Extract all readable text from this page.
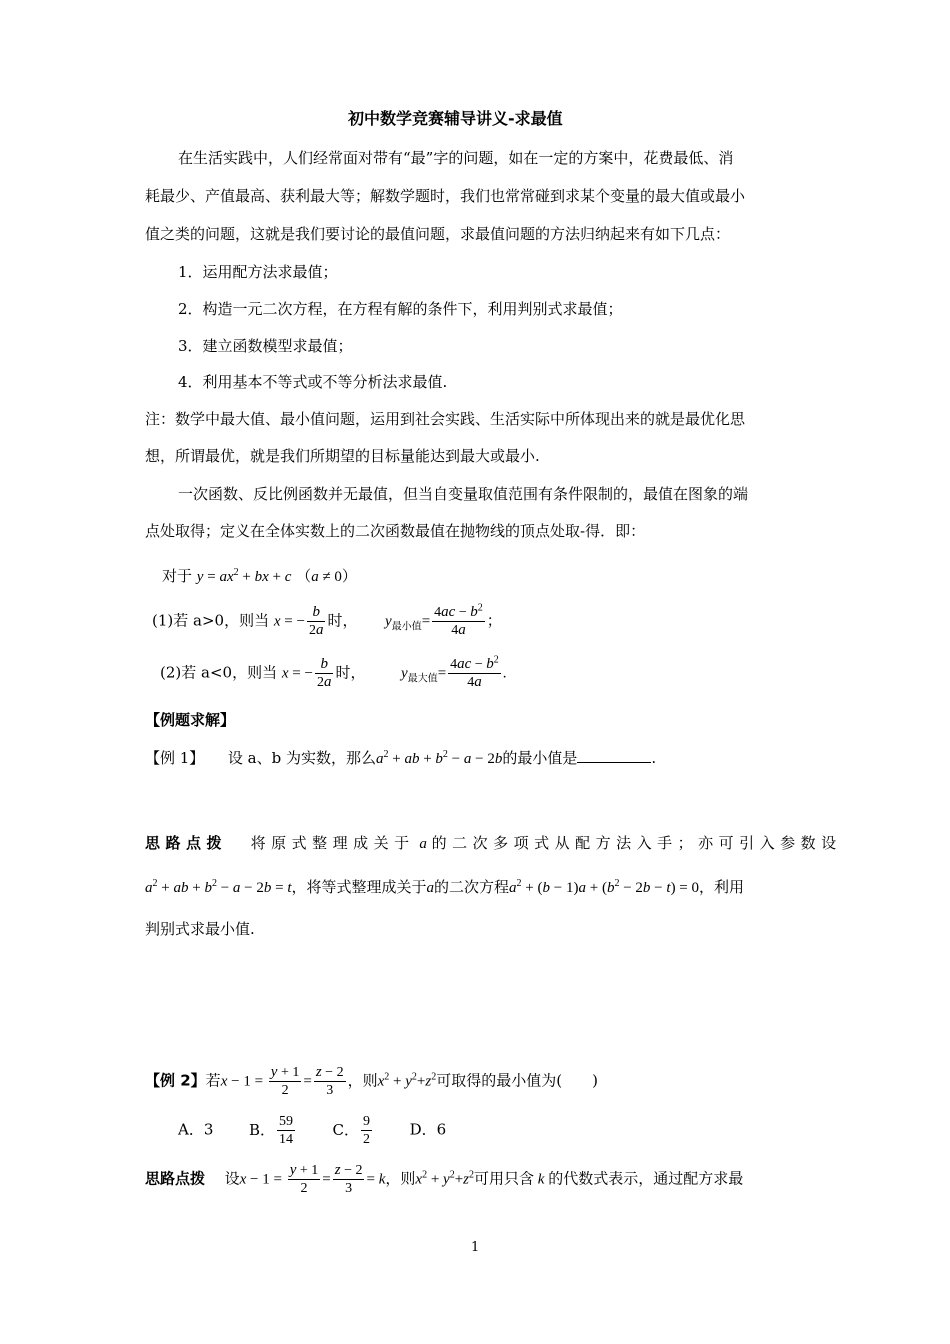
初中数学竞赛辅导讲义-求最值
在生活实践中，人们经常面对带有“最”字的问题，如在一定的方案中，花费最低、消
耗最少、产值最高、获利最大等；解数学题时，我们也常常碰到求某个变量的最大值或最小
值之类的问题，这就是我们要讨论的最值问题，求最值问题的方法归纳起来有如下几点：
1．运用配方法求最值；
2．构造一元二次方程，在方程有解的条件下，利用判别式求最值；
3．建立函数模型求最值；
4．利用基本不等式或不等分析法求最值.
注：数学中最大值、最小值问题，运用到社会实践、生活实际中所体现出来的就是最优化思
想，所谓最优，就是我们所期望的目标量能达到最大或最小.
一次函数、反比例函数并无最值，但当自变量取值范围有条件限制的，最值在图象的端
点处取得；定义在全体实数上的二次函数最值在抛物线的顶点处取-得．即：
对于 $y = ax^2$ + bx + c （a ≠ 0）
(1)若 a>0，则当 x = − $\frac{b}{2a}$ 时， $y_{最小值}= \frac{4ac - b^2}{4a}$ ；
(2)若 a<0，则当 x = − $\frac{b}{2a}$ 时， $y_{最大值}= \frac{4ac - b^2}{4a}$ .
【例题求解】
【例 1】 设 a、b 为实数，那么$a^2$ + ab + $b^2 - a - 2b$的最小值是	.
思路点拨 将原式整理成关于 a 的二次多项式从配方法入手；亦可引入参数设
$a^2$ + ab + $b^2 - a - 2b = t$，将等式整理成关于a的二次方程$a^2 + (b - 1)a + (b^2 - 2b - t) = 0$，利用
判别式求最小值.
【例 2】若$x - 1 = \frac{y + 1}{2} = \frac{z - 2}{3}$ ，则$x^2 + y^2+z^2$可取得的最小值为(　　)
A．3 B． $\frac{59}{14}$	C． $\frac{9}{2}$	D．6
思路点拨 设$x - 1 = \frac{y + 1}{2} = \frac{z - 2}{3} = k$，则$x^2 + y^2+z^2$可用只含 k 的代数式表示，通过配方求最
1
